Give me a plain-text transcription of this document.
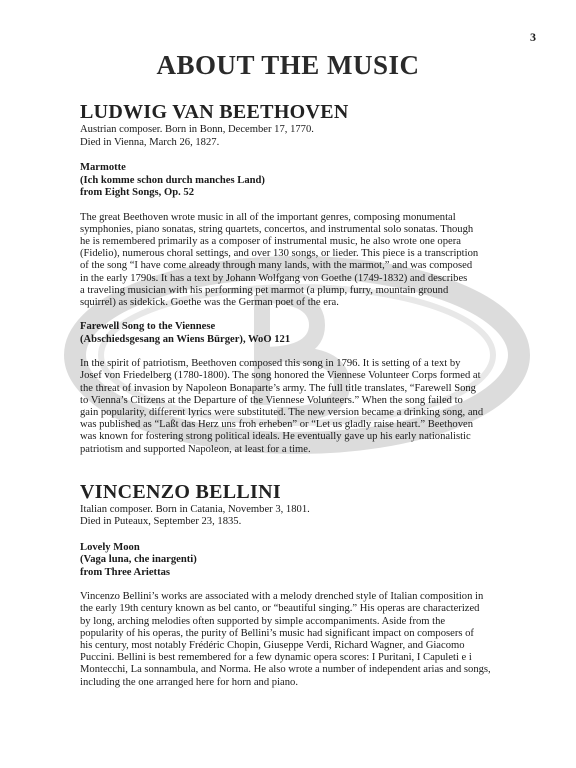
3
ABOUT THE MUSIC
LUDWIG VAN BEETHOVEN

Austrian composer. Born in Bonn, December 17, 1770.

Died in Vienna, March 26, 1827.

Marmotte

(Ich komme schon durch manches Land)

from Eight Songs, Op. 52

The great Beethoven wrote music in all of the important genres, composing monumental
symphonies, piano sonatas, string quartets, concertos, and instrumental solo sonatas. Though
he is remembered primarily as a composer of instrumental music, he also wrote one opera
(Fidelio), numerous choral settings, and over 130 songs, or lieder. This piece is a transcription
of the song “I have come already through many lands, with the marmot,” and was composed
in the early 1790s. It has a text by Johann Wolfgang von Goethe (1749-1832) and describes
a traveling musician with his performing pet marmot (a plump, furry, mountain ground
squirrel) as sidekick. Goethe was the German poet of the era.

Farewell Song to the Viennese

(Abschiedsgesang an Wiens Bürger), WoO 121

In the spirit of patriotism, Beethoven composed this song in 1796. It is setting of a text by
Josef von Friedelberg (1780-1800). The song honored the Viennese Volunteer Corps formed at
the threat of invasion by Napoleon Bonaparte’s army. The full title translates, “Farewell Song
to Vienna’s Citizens at the Departure of the Viennese Volunteers.” When the song failed to
gain popularity, different lyrics were substituted. The new version became a drinking song, and
was published as “Laßt das Herz uns froh erheben” or “Let us gladly raise heart.” Beethoven
was known for fostering strong political ideals. He eventually gave up his early nationalistic
patriotism and supported Napoleon, at least for a time.
VINCENZO BELLINI

Italian composer. Born in Catania, November 3, 1801.

Died in Puteaux, September 23, 1835.

Lovely Moon

(Vaga luna, che inargenti)

from Three Ariettas

Vincenzo Bellini’s works are associated with a melody drenched style of Italian composition in
the early 19th century known as bel canto, or “beautiful singing.” His operas are characterized
by long, arching melodies often supported by simple accompaniments. Aside from the
popularity of his operas, the purity of Bellini’s music had significant impact on composers of
his century, most notably Frédéric Chopin, Giuseppe Verdi, Richard Wagner, and Giacomo
Puccini. Bellini is best remembered for a few dynamic opera scores: I Puritani, I Capuleti e i
Montecchi, La sonnambula, and Norma. He also wrote a number of independent arias and songs,
including the one arranged here for horn and piano.
